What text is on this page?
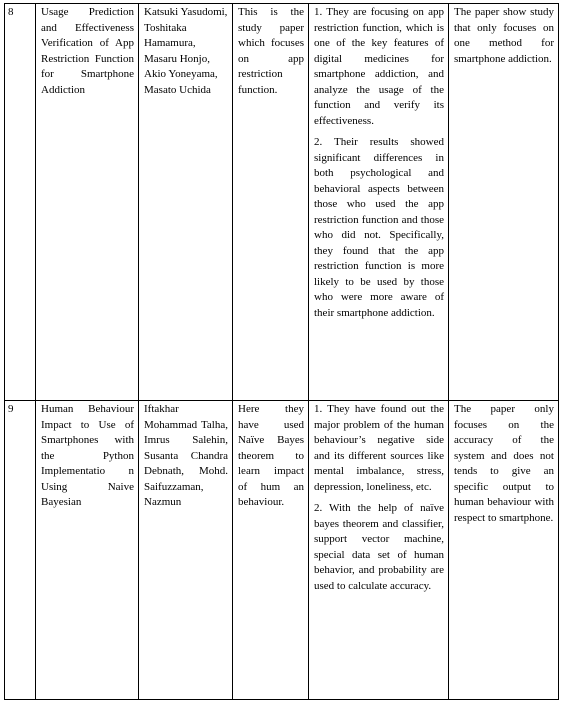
8	Usage Prediction and Effectiveness Verification of App Restriction Function for Smartphone Addiction	Katsuki Yasudomi, Toshitaka Hamamura, Masaru Honjo, Akio Yoneyama, Masato Uchida	This is the study paper which focuses on app restriction function.	1. They are focusing on app restriction function, which is one of the key features of digital medicines for smartphone addiction, and analyze the usage of the function and verify its effectiveness.
2. Their results showed significant differences in both psychological and behavioral aspects between those who used the app restriction function and those who did not. Specifically, they found that the app restriction function is more likely to be used by those who were more aware of their smartphone addiction.	The paper show study that only focuses on one method for smartphone addiction.
9	Human Behaviour Impact to Use of Smartphones with the Python Implementatio n Using Naive Bayesian	Iftakhar Mohammad Talha, Imrus Salehin, Susanta Chandra Debnath, Mohd. Saifuzzaman, Nazmun	Here they have used Naïve Bayes theorem to learn impact of hum an behaviour.	1. They have found out the major problem of the human behaviour’s negative side and its different sources like mental imbalance, stress, depression, loneliness, etc.
2. With the help of naïve bayes theorem and classifier, support vector machine, special data set of human behavior, and probability are used to calculate accuracy.	The paper only focuses on the accuracy of the system and does not tends to give an specific output to human behaviour with respect to smartphone.
